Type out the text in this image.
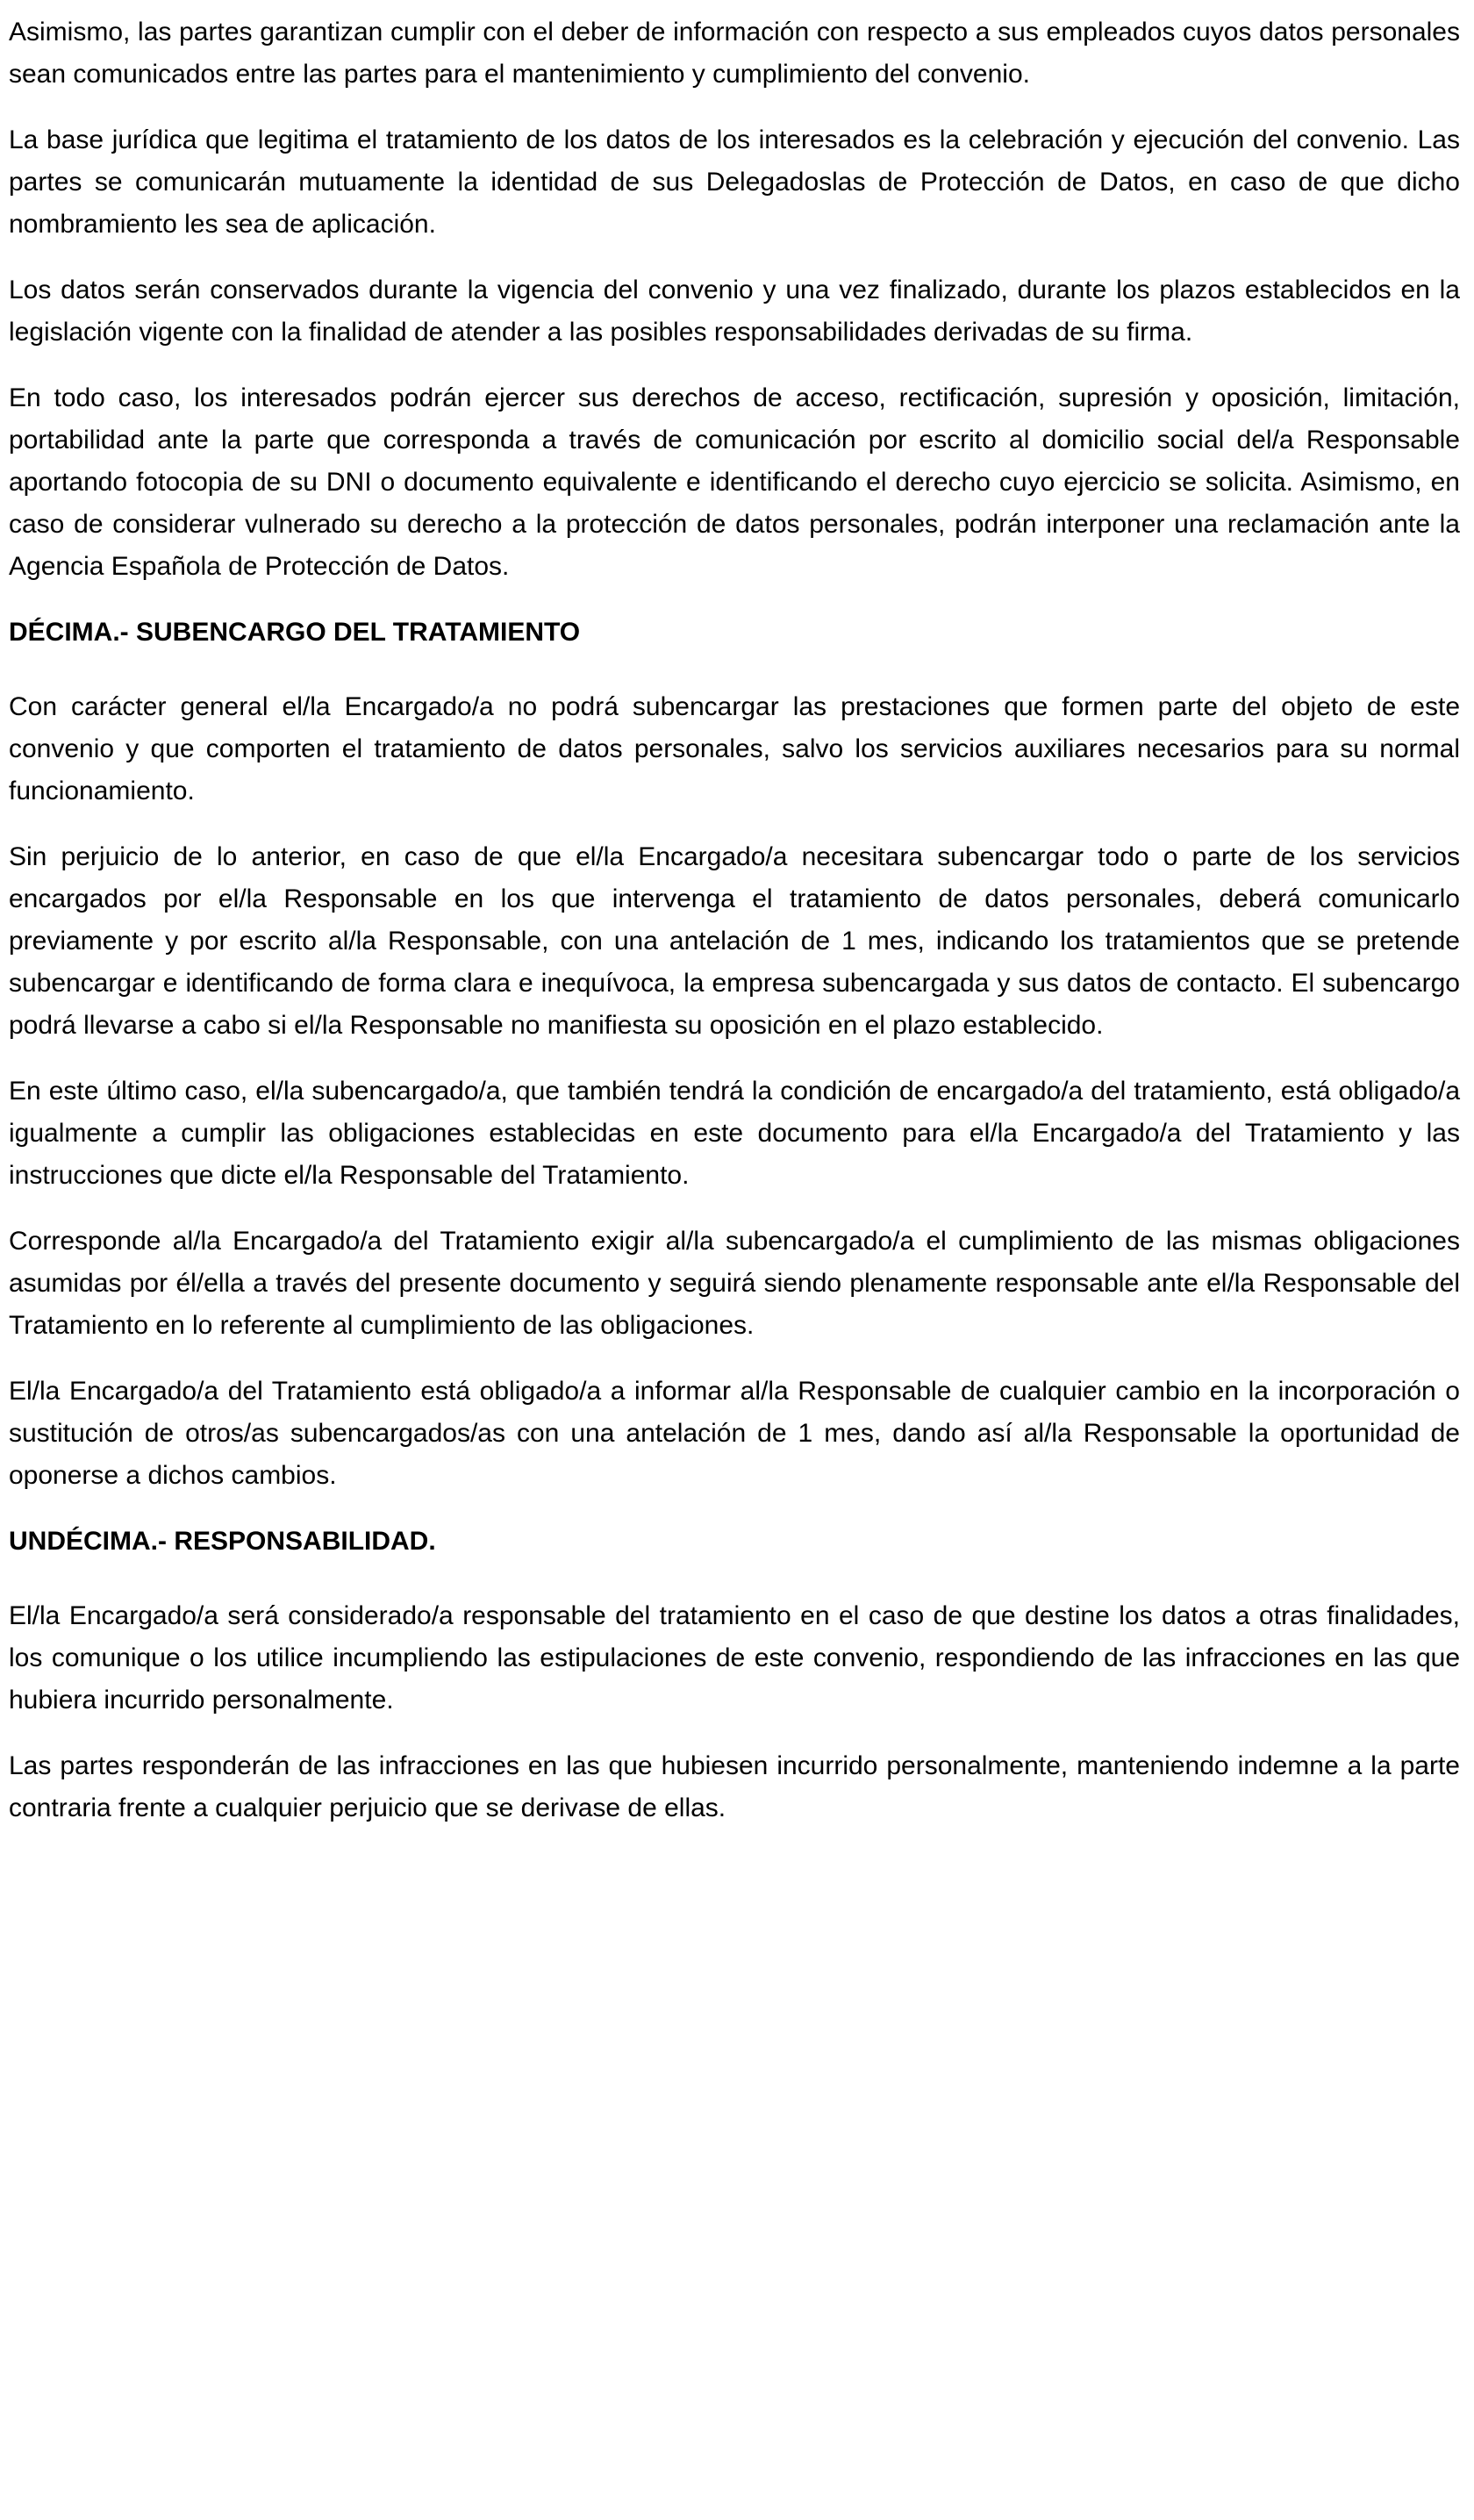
Asimismo, las partes garantizan cumplir con el deber de información con respecto a sus empleados cuyos datos personales sean comunicados entre las partes para el mantenimiento y cumplimiento del convenio.

La base jurídica que legitima el tratamiento de los datos de los interesados es la celebración y ejecución del convenio. Las partes se comunicarán mutuamente la identidad de sus Delegadoslas de Protección de Datos, en caso de que dicho nombramiento les sea de aplicación.

Los datos serán conservados durante la vigencia del convenio y una vez finalizado, durante los plazos establecidos en la legislación vigente con la finalidad de atender a las posibles responsabilidades derivadas de su firma.

En todo caso, los interesados podrán ejercer sus derechos de acceso, rectificación, supresión y oposición, limitación, portabilidad ante la parte que corresponda a través de comunicación por escrito al domicilio social del/a Responsable aportando fotocopia de su DNI o documento equivalente e identificando el derecho cuyo ejercicio se solicita. Asimismo, en caso de considerar vulnerado su derecho a la protección de datos personales, podrán interponer una reclamación ante la Agencia Española de Protección de Datos.

DÉCIMA.- SUBENCARGO DEL TRATAMIENTO

Con carácter general el/la Encargado/a no podrá subencargar las prestaciones que formen parte del objeto de este convenio y que comporten el tratamiento de datos personales, salvo los servicios auxiliares necesarios para su normal funcionamiento.

Sin perjuicio de lo anterior, en caso de que el/la Encargado/a necesitara subencargar todo o parte de los servicios encargados por el/la Responsable en los que intervenga el tratamiento de datos personales, deberá comunicarlo previamente y por escrito al/la Responsable, con una antelación de 1 mes, indicando los tratamientos que se pretende subencargar e identificando de forma clara e inequívoca, la empresa subencargada y sus datos de contacto. El subencargo podrá llevarse a cabo si el/la Responsable no manifiesta su oposición en el plazo establecido.

En este último caso, el/la subencargado/a, que también tendrá la condición de encargado/a del tratamiento, está obligado/a igualmente a cumplir las obligaciones establecidas en este documento para el/la Encargado/a del Tratamiento y las instrucciones que dicte el/la Responsable del Tratamiento.

Corresponde al/la Encargado/a del Tratamiento exigir al/la subencargado/a el cumplimiento de las mismas obligaciones asumidas por él/ella a través del presente documento y seguirá siendo plenamente responsable ante el/la Responsable del Tratamiento en lo referente al cumplimiento de las obligaciones.

El/la Encargado/a del Tratamiento está obligado/a a informar al/la Responsable de cualquier cambio en la incorporación o sustitución de otros/as subencargados/as con una antelación de 1 mes, dando así al/la Responsable la oportunidad de oponerse a dichos cambios.

UNDÉCIMA.- RESPONSABILIDAD.

El/la Encargado/a será considerado/a responsable del tratamiento en el caso de que destine los datos a otras finalidades, los comunique o los utilice incumpliendo las estipulaciones de este convenio, respondiendo de las infracciones en las que hubiera incurrido personalmente.

Las partes responderán de las infracciones en las que hubiesen incurrido personalmente, manteniendo indemne a la parte contraria frente a cualquier perjuicio que se derivase de ellas.
